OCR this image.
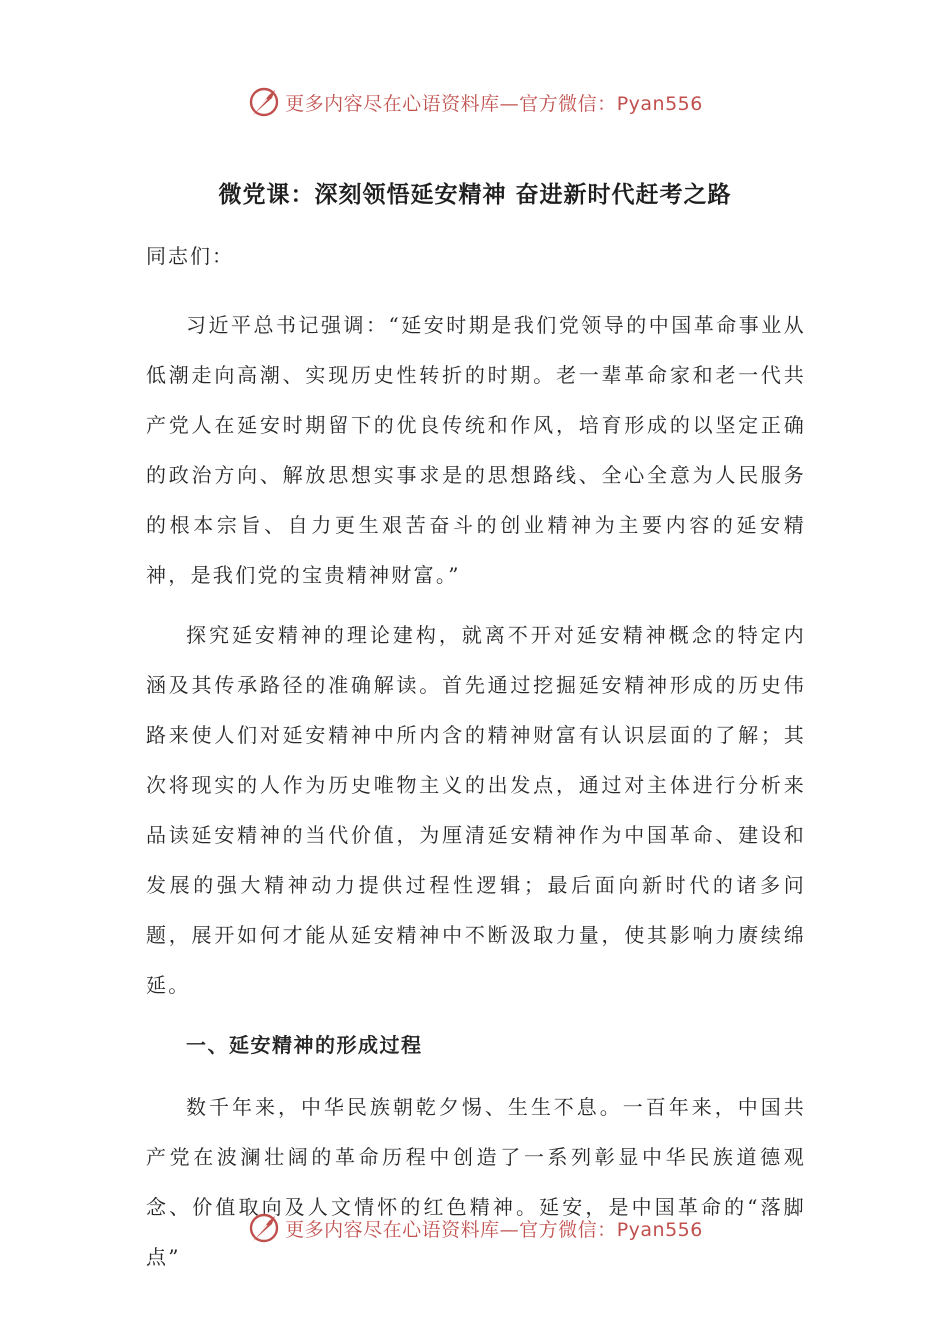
更多内容尽在心语资料库—官方微信：Pyan556
微党课：深刻领悟延安精神 奋进新时代赶考之路
同志们：

习近平总书记强调：“延安时期是我们党领导的中国革命事业从低潮走向高潮、实现历史性转折的时期。老一辈革命家和老一代共产党人在延安时期留下的优良传统和作风，培育形成的以坚定正确的政治方向、解放思想实事求是的思想路线、全心全意为人民服务的根本宗旨、自力更生艰苦奋斗的创业精神为主要内容的延安精神，是我们党的宝贵精神财富。”

探究延安精神的理论建构，就离不开对延安精神概念的特定内涵及其传承路径的准确解读。首先通过挖掘延安精神形成的历史伟路来使人们对延安精神中所内含的精神财富有认识层面的了解；其次将现实的人作为历史唯物主义的出发点，通过对主体进行分析来品读延安精神的当代价值，为厘清延安精神作为中国革命、建设和发展的强大精神动力提供过程性逻辑；最后面向新时代的诸多问题，展开如何才能从延安精神中不断汲取力量，使其影响力赓续绵延。

一、延安精神的形成过程

数千年来，中华民族朝乾夕惕、生生不息。一百年来，中国共产党在波澜壮阔的革命历程中创造了一系列彰显中华民族道德观念、价值取向及人文情怀的红色精神。延安，是中国革命的“落脚点”

更多内容尽在心语资料库—官方微信：Pyan556
